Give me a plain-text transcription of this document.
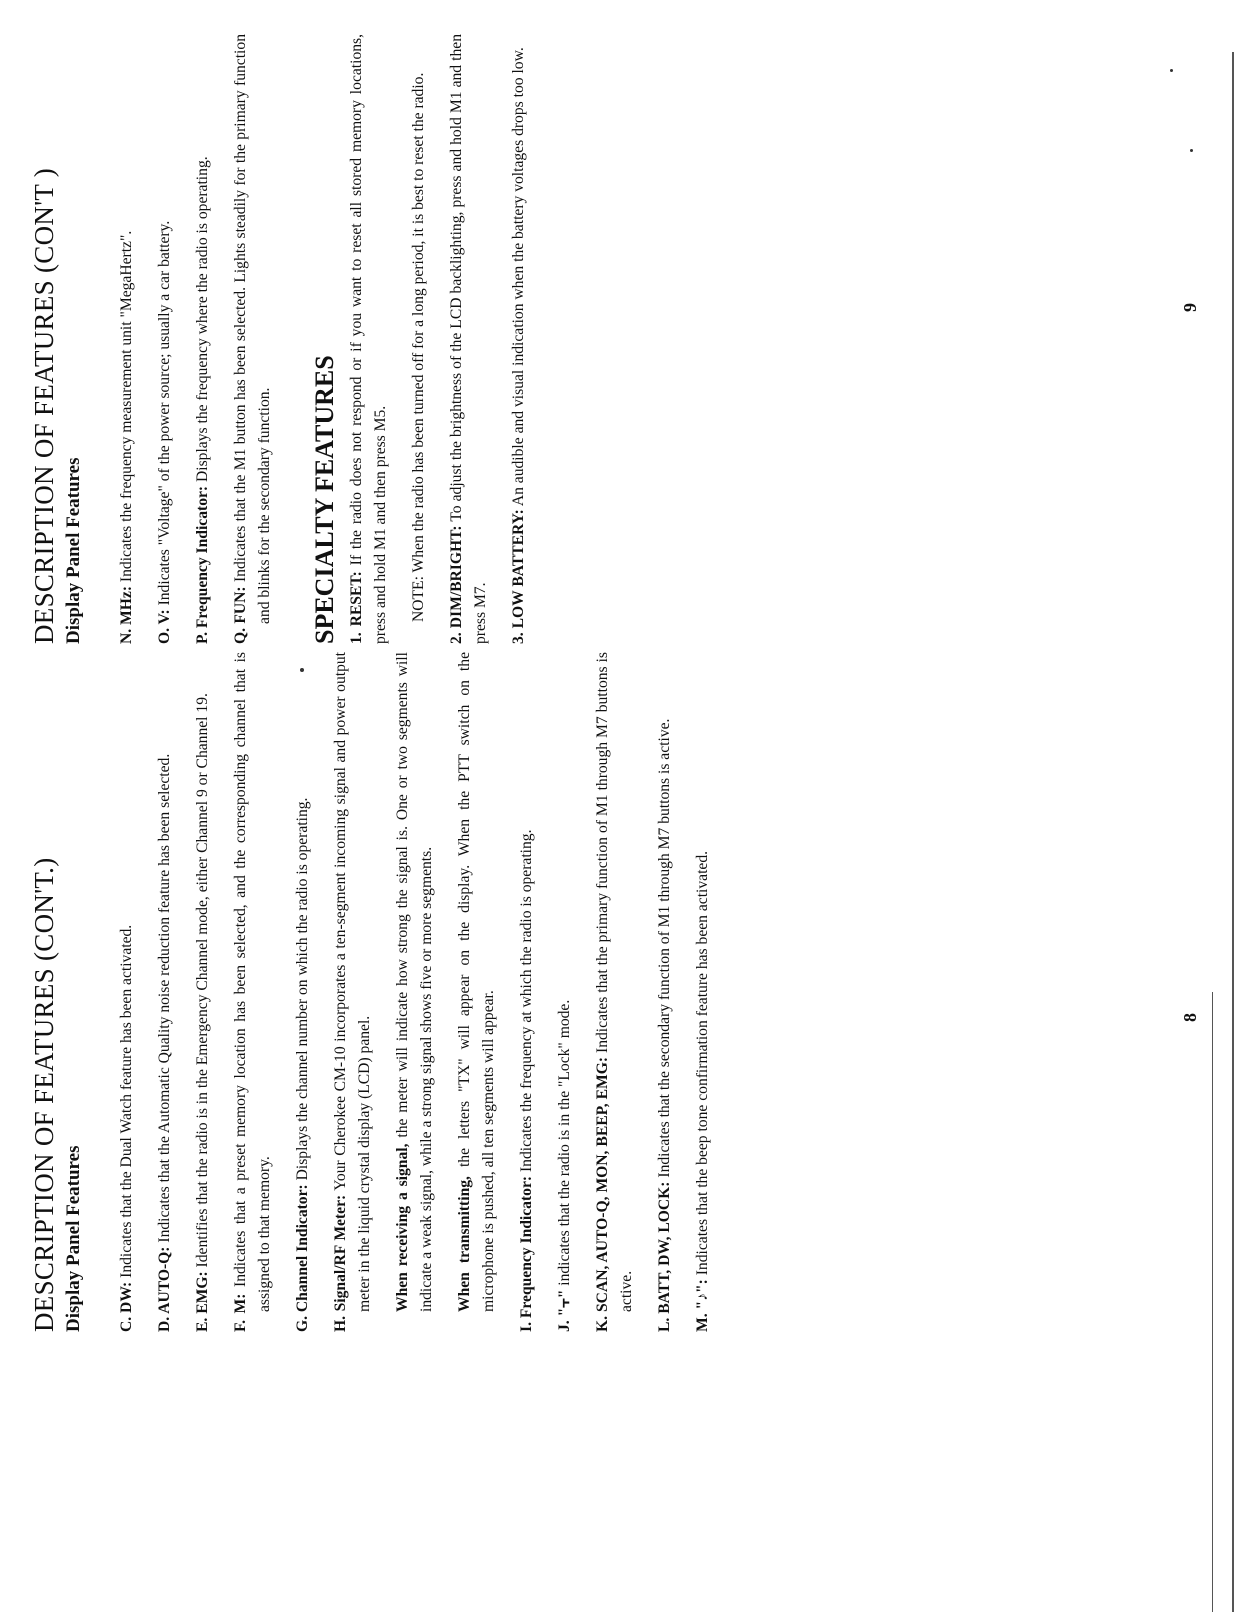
DESCRIPTION OF FEATURES (CON'T.) Display Panel Features C. DW: Indicates that the Dual Watch feature has been activated.

D. AUTO-Q: Indicates that the Automatic Quality noise reduction feature has been selected.

E. EMG: Identifies that the radio is in the Emergency Channel mode, either Channel 9 or Channel 19.

F. M: Indicates that a preset memory location has been selected, and the corresponding channel that is assigned to that memory. G. Channel Indicator: Displays the channel number on which the radio is operating.

H. Signal/RF Meter: Your Cherokee CM-10 incorporates a ten-segment incoming signal and power output meter in the liquid crystal display (LCD) panel. When receiving a signal, the meter will indicate how strong the signal is. One or two segments will indicate a weak signal, while a strong signal shows five or more segments. When transmitting, the letters "TX" will appear on the display. When the PTT switch on the microphone is pushed, all ten segments will appear. I. Frequency Indicator: Indicates the frequency at which the radio is operating.

J. "⫟" indicates that the radio is in the "Lock" mode. K. SCAN, AUTO-Q, MON, BEEP, EMG: Indicates that the primary function of M1 through M7 buttons is active. L. BATT, DW, LOCK: Indicates that the secondary function of M1 through M7 buttons is active.

M. "♪": Indicates that the beep tone confirmation feature has been activated.

DESCRIPTION OF FEATURES (CON'T ) Display Panel Features N. MHz: Indicates the frequency measurement unit "MegaHertz".

O. V: Indicates "Voltage" of the power source; usually a car battery. P. Frequency Indicator: Displays the frequency where the radio is operating.

Q. FUN: Indicates that the M1 button has been selected. Lights steadily for the primary function and blinks for the secondary function. SPECIALTY FEATURES 1. RESET: If the radio does not respond or if you want to reset all stored memory locations, press and hold M1 and then press M5. NOTE: When the radio has been turned off for a long period, it is best to reset the radio. 2. DIM/BRIGHT: To adjust the brightness of the LCD backlighting, press and hold M1 and then press M7. 3. LOW BATTERY: An audible and visual indication when the battery voltages drops too low.

8
9
